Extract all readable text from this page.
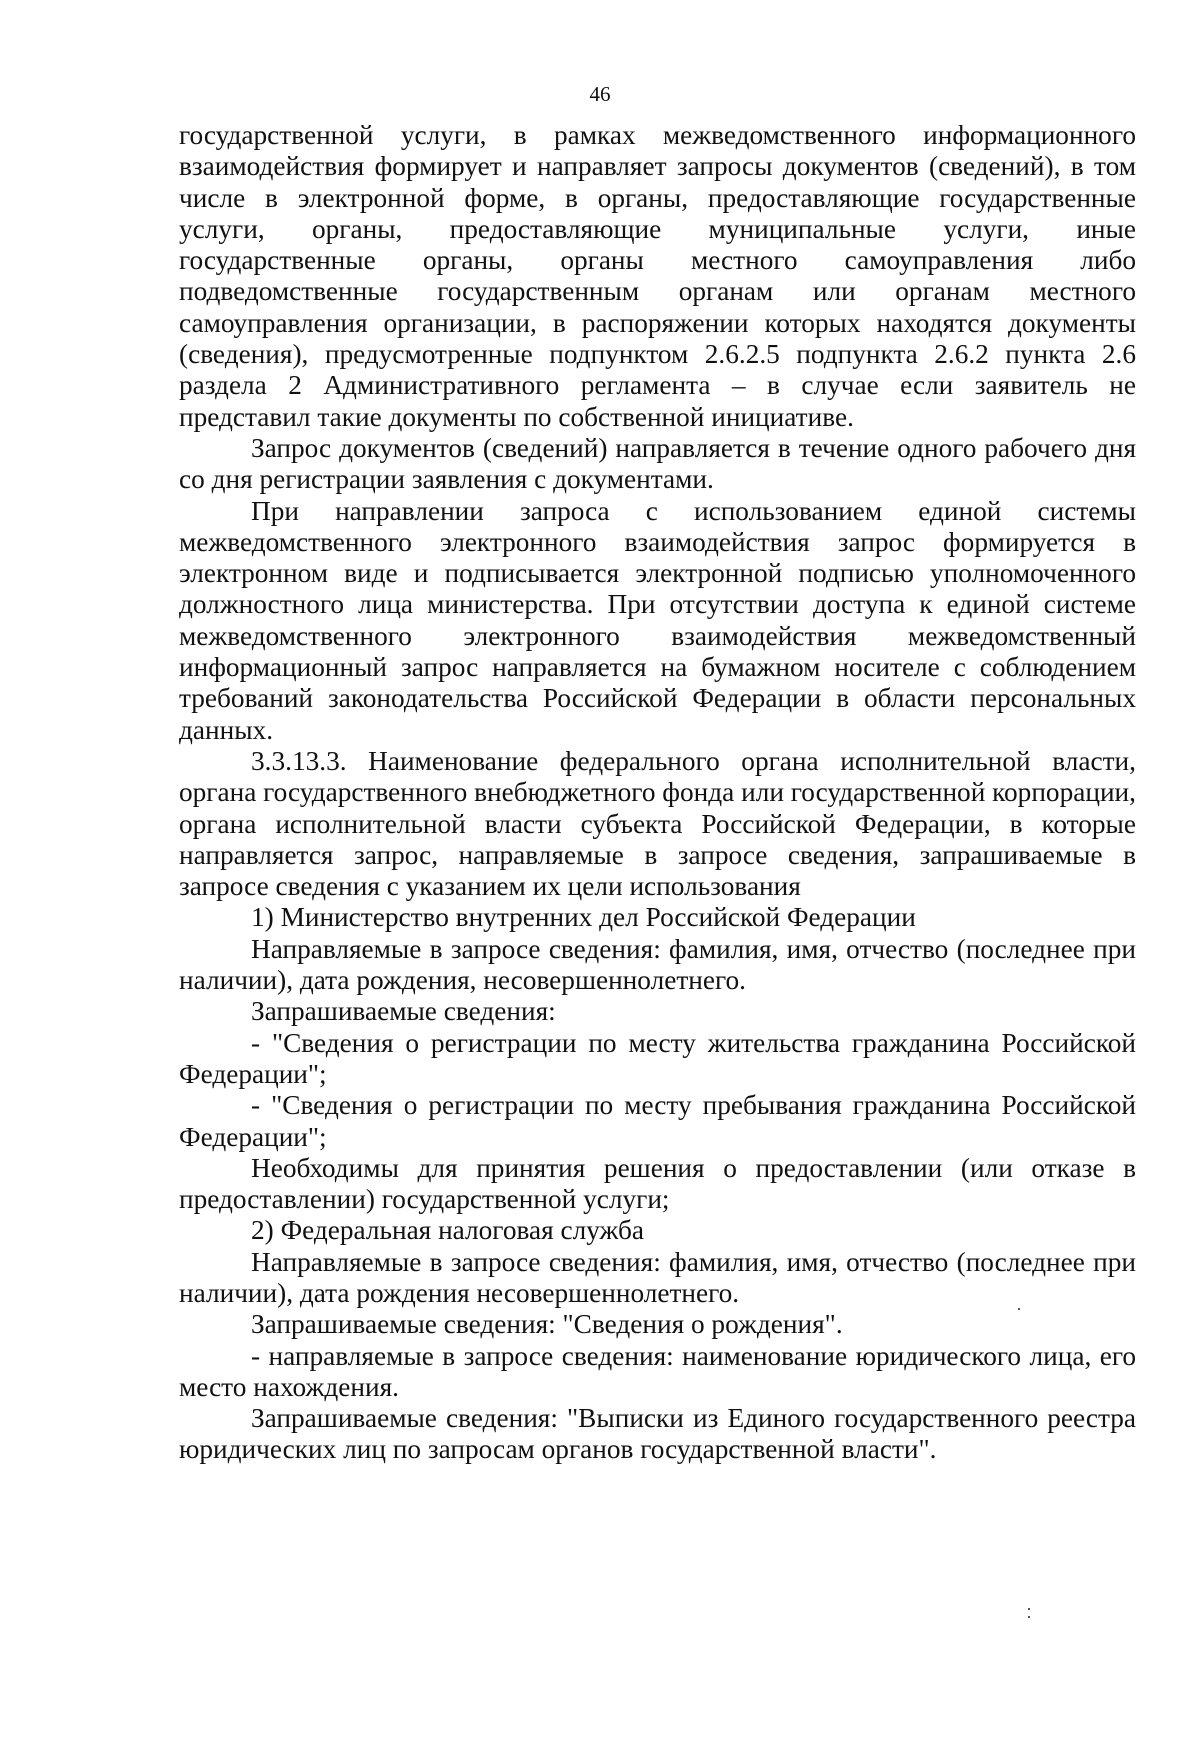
46

государственной услуги, в рамках межведомственного информационного взаимодействия формирует и направляет запросы документов (сведений), в том числе в электронной форме, в органы, предоставляющие государственные услуги, органы, предоставляющие муниципальные услуги, иные государственные органы, органы местного самоуправления либо подведомственные государственным органам или органам местного самоуправления организации, в распоряжении которых находятся документы (сведения), предусмотренные подпунктом 2.6.2.5 подпункта 2.6.2 пункта 2.6 раздела 2 Административного регламента – в случае если заявитель не представил такие документы по собственной инициативе.

Запрос документов (сведений) направляется в течение одного рабочего дня со дня регистрации заявления с документами.

При направлении запроса с использованием единой системы межведомственного электронного взаимодействия запрос формируется в электронном виде и подписывается электронной подписью уполномоченного должностного лица министерства. При отсутствии доступа к единой системе межведомственного электронного взаимодействия межведомственный информационный запрос направляется на бумажном носителе с соблюдением требований законодательства Российской Федерации в области персональных данных.

3.3.13.3. Наименование федерального органа исполнительной власти, органа государственного внебюджетного фонда или государственной корпорации, органа исполнительной власти субъекта Российской Федерации, в которые направляется запрос, направляемые в запросе сведения, запрашиваемые в запросе сведения с указанием их цели использования

1) Министерство внутренних дел Российской Федерации

Направляемые в запросе сведения: фамилия, имя, отчество (последнее при наличии), дата рождения, несовершеннолетнего.

Запрашиваемые сведения:

- "Сведения о регистрации по месту жительства гражданина Российской Федерации";

- "Сведения о регистрации по месту пребывания гражданина Российской Федерации";

Необходимы для принятия решения о предоставлении (или отказе в предоставлении) государственной услуги;

2) Федеральная налоговая служба

Направляемые в запросе сведения: фамилия, имя, отчество (последнее при наличии), дата рождения несовершеннолетнего.

Запрашиваемые сведения: "Сведения о рождения".

- направляемые в запросе сведения: наименование юридического лица, его место нахождения.

Запрашиваемые сведения: "Выписки из Единого государственного реестра юридических лиц по запросам органов государственной власти".
